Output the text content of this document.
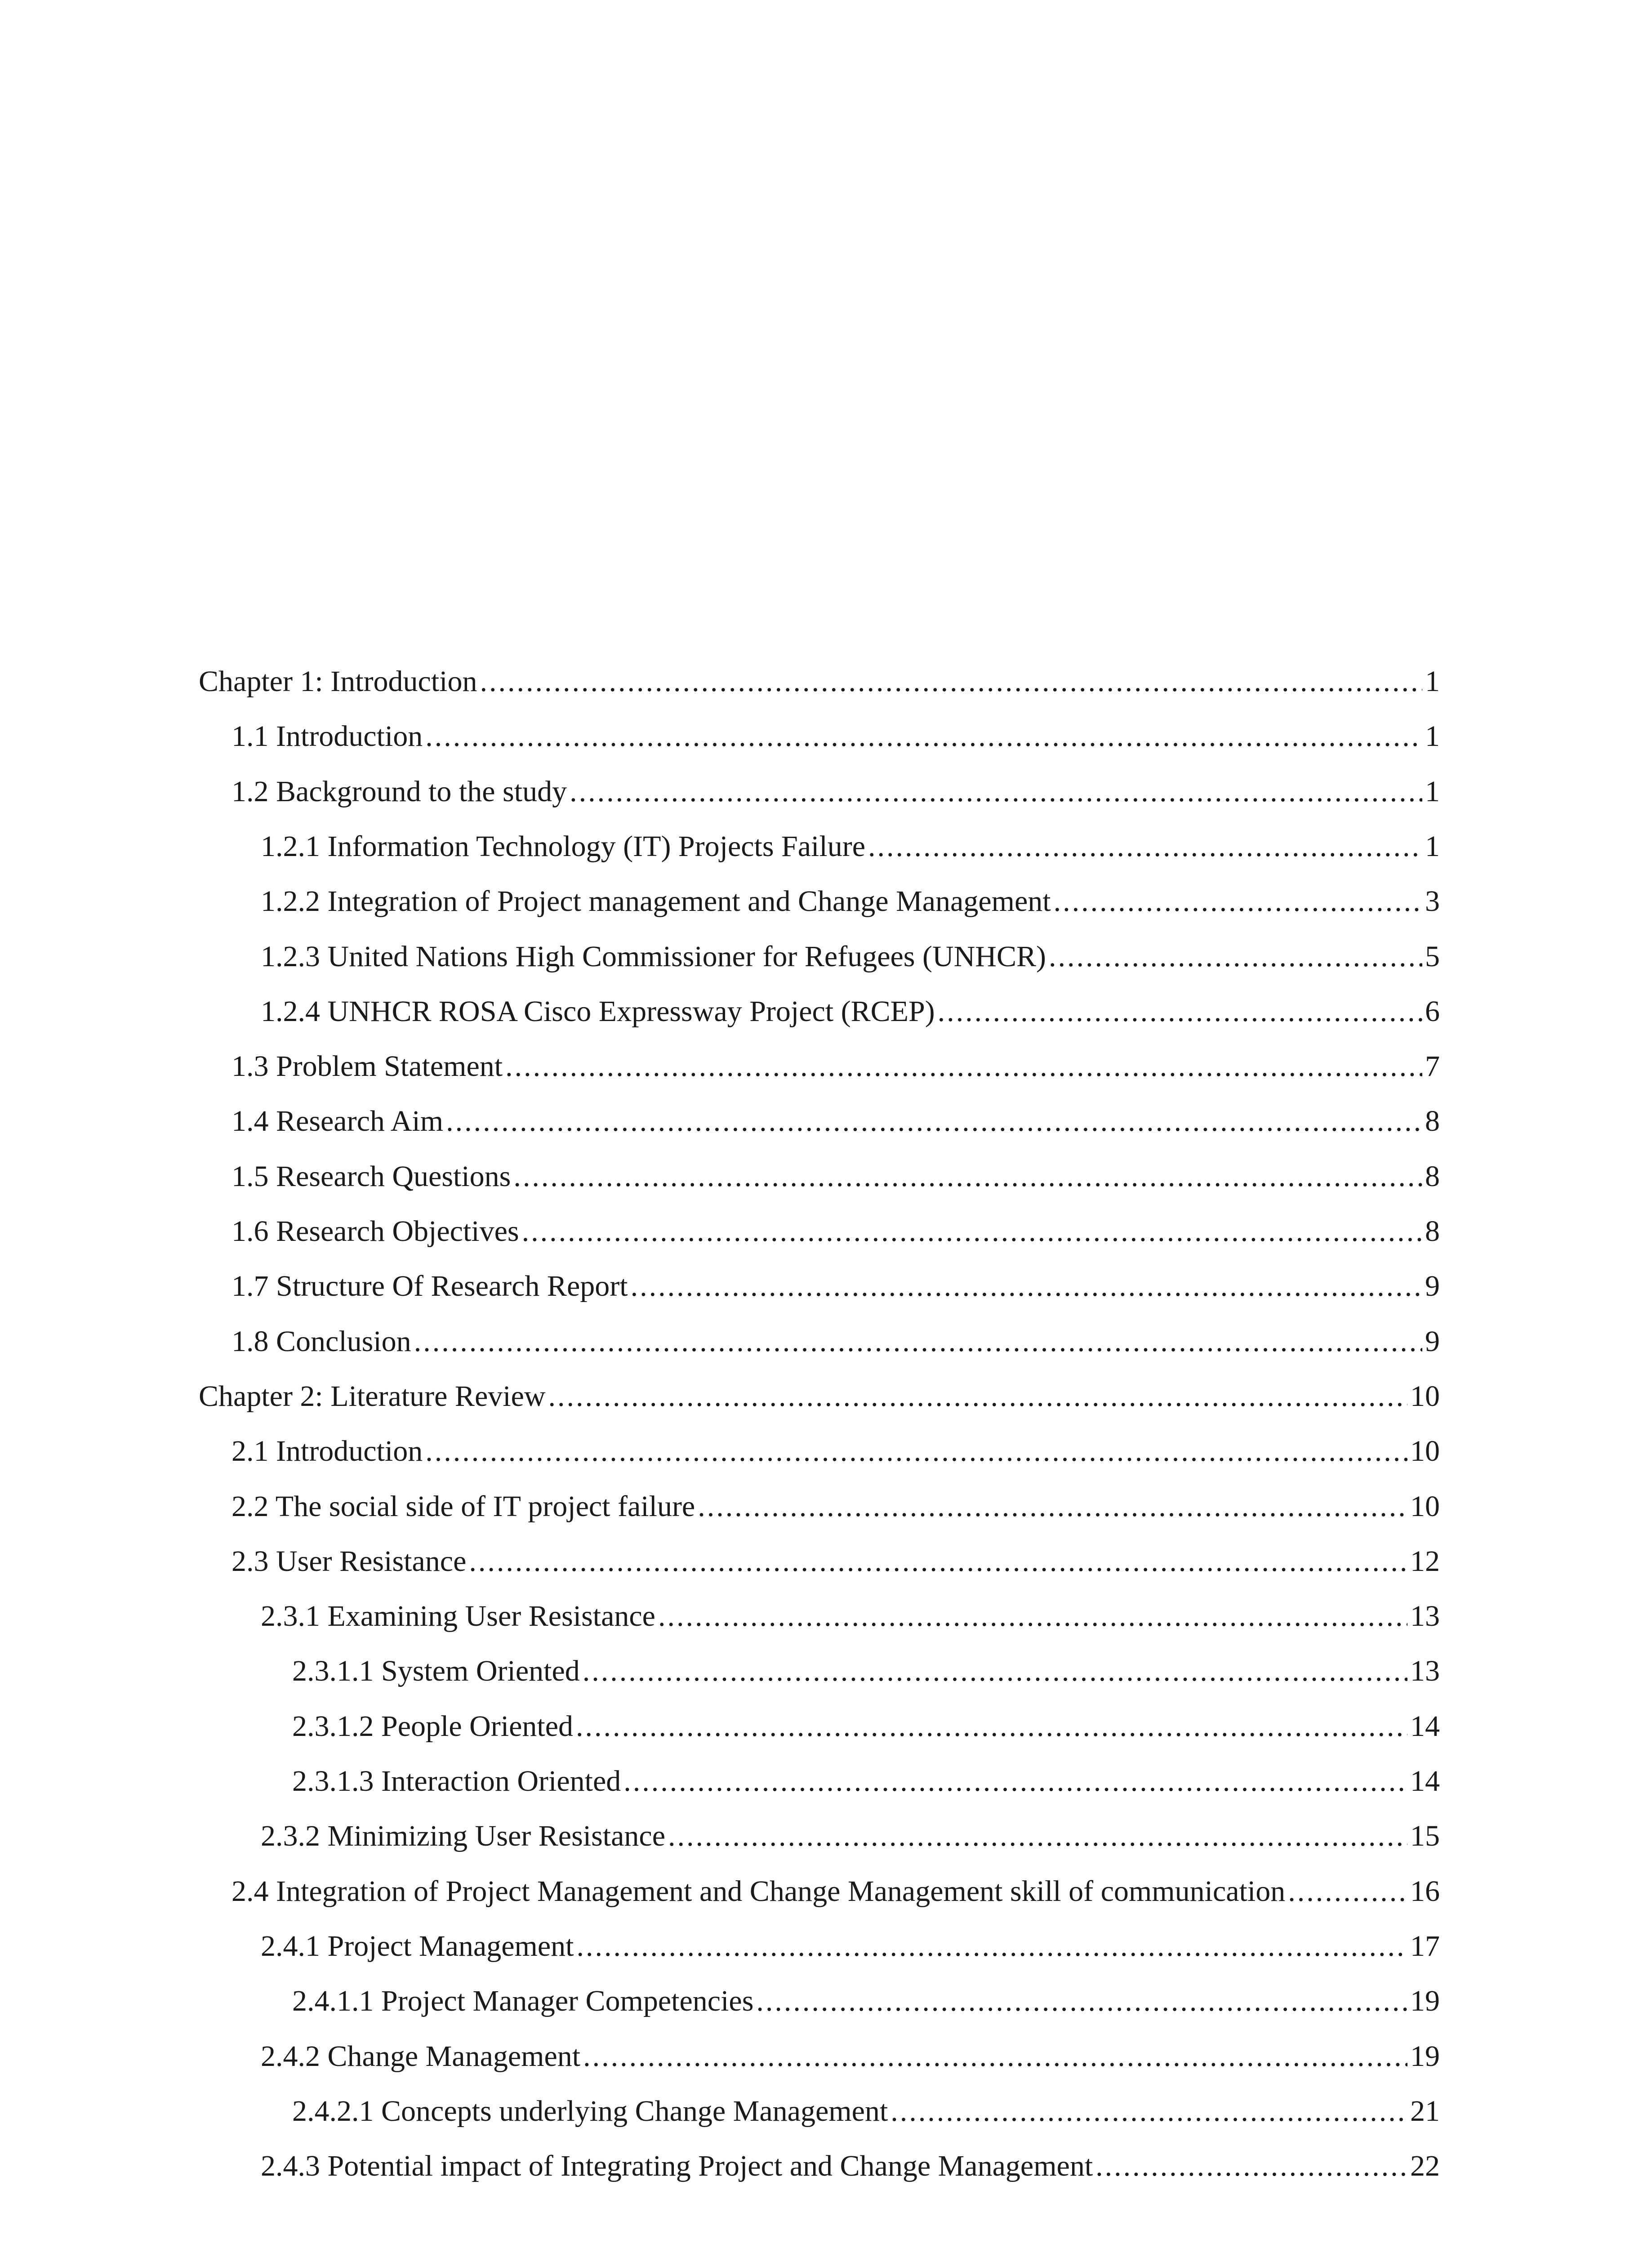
Chapter 1: Introduction .....	1
1.1 Introduction .....	1
1.2 Background to the study .....	1
1.2.1 Information Technology (IT) Projects Failure .....	1
1.2.2 Integration of Project management and Change Management .....	3
1.2.3 United Nations High Commissioner for Refugees (UNHCR) .....	5
1.2.4 UNHCR ROSA Cisco Expressway Project (RCEP) .....	6
1.3 Problem Statement .....	7
1.4 Research Aim .....	8
1.5 Research Questions .....	8
1.6 Research Objectives .....	8
1.7 Structure Of Research Report .....	9
1.8 Conclusion .....	9
Chapter 2: Literature Review .....	10
2.1 Introduction .....	10
2.2 The social side of IT project failure .....	10
2.3 User Resistance .....	12
2.3.1 Examining User Resistance .....	13
2.3.1.1 System Oriented .....	13
2.3.1.2 People Oriented .....	14
2.3.1.3 Interaction Oriented .....	14
2.3.2 Minimizing User Resistance .....	15
2.4 Integration of Project Management and Change Management skill of communication .....	16
2.4.1 Project Management .....	17
2.4.1.1 Project Manager Competencies .....	19
2.4.2 Change Management .....	19
2.4.2.1 Concepts underlying Change Management .....	21
2.4.3 Potential impact of Integrating Project and Change Management .....	22
